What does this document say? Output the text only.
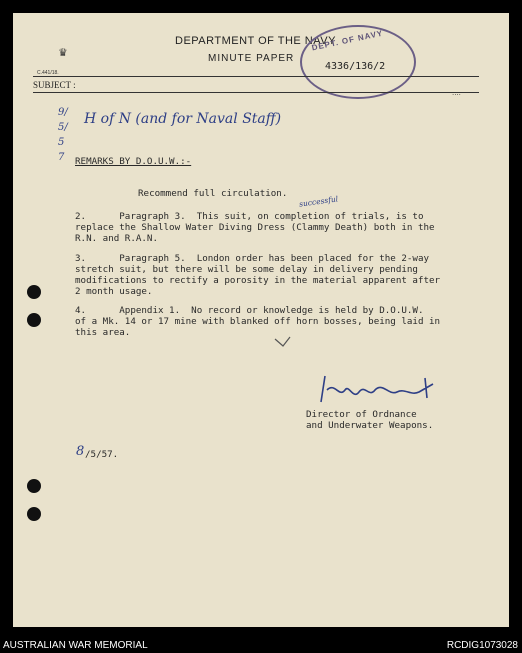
♛
C.441/18.
DEPARTMENT OF THE NAVY
MINUTE PAPER
DEPT. OF NAVY
4336/136/2
SUBJECT :
....
9/5/57
H of N (and for Naval Staff)
REMARKS BY D.O.U.W.:-
Recommend full circulation.
successful
2.      Paragraph 3.  This suit, on completion of trials, is to
replace the Shallow Water Diving Dress (Clammy Death) both in the
R.N. and R.A.N.
3.      Paragraph 5.  London order has been placed for the 2-way
stretch suit, but there will be some delay in delivery pending
modifications to rectify a porosity in the material apparent after
2 month usage.
4.      Appendix 1.  No record or knowledge is held by D.O.U.W.
of a Mk. 14 or 17 mine with blanked off horn bosses, being laid in
this area.
Director of Ordnance
and Underwater Weapons.
8 /5/57.
AUSTRALIAN WAR MEMORIAL	RCDIG1073028
